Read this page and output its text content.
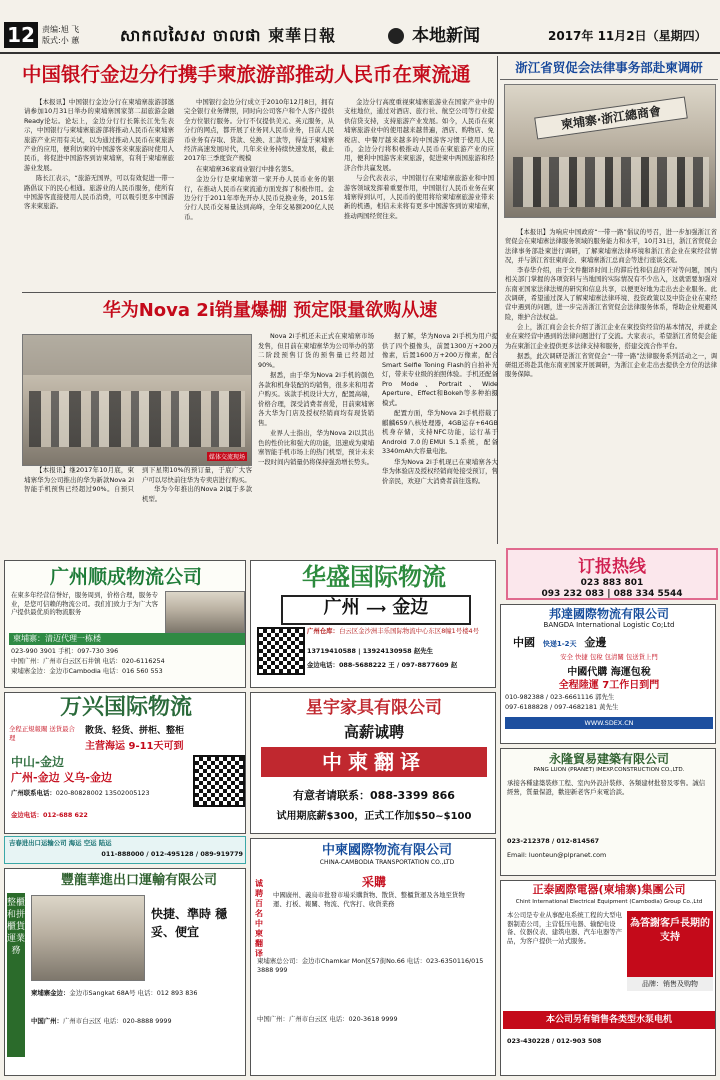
12 责编:旭 飞
版式:小 蕙	សាកលសៃស ចាលផា 柬華日報	本地新闻	2017年 11月2日（星期四）
中国银行金边分行携手柬旅游部推动人民币在柬流通

【本报讯】中国银行金边分行在柬埔寨旅游部邀请参加10月31日举办的柬埔寨国家第二届旅游金融Ready论坛。论坛上，金边分行行长陈长江先生表示，中国银行与柬埔寨旅游部将推动人民币在柬埔寨旅游产业应用有关试，以为通过推动人民币在柬旅游产业的应用，便利访柬的中国游客来柬旅游时使用人民币，将促进中国游客到访柬埔寨，有利于柬埔寨旅游业发展。

陈长江表示，“旅游无国界，可以有效促进一带一路倡议下的民心相通。旅游业的人民币服务，使所有中国游客直接使用人民币消费，可以吸引更多中国游客来柬旅游。

中国银行金边分行成立于2010年12月8日，拥有完全银行业务牌照，同时向公司客户和个人客户提供全方位银行服务。分行不仅提供美元、英元服务，从分行的网点，都开展了业务同人民币业务，目前人民币业务有存取、贷款、兑换、汇款等，得益于柬埔寨经济高速发展时代，几年来业务持续快速发展，截止2017年三季度资产规模

在柬埔寨36家商业银行中排名第5。

金边分行是柬埔寨第一家开办人民币业务的银行，在推动人民币在柬流通方面发挥了积极作用。金边分行于2011年率先开办人民币兑换业务，2015年分行人民币交易量达到高峰，全年交易额200亿人民币。

金边分行高度重视柬埔寨旅游业在国家产业中的支柱地位，通过对酒店、旅行社、航空公司等行业提供信贷支持，支持旅游产业发展。如今，人民币在柬埔寨旅游业中的使用越来越普遍，酒店、购物店、免税店、中餐厅越来越多的中国游客习惯于使用人民币，金边分行将积极推动人民币在柬旅游产业的应用，便利中国游客来柬旅游，促进柬中两国旅游和经济合作共赢发展。

与会代表表示，中国银行在柬埔寨旅游业和中国游客领域发挥着重要作用，中国银行人民币业务在柬埔寨得到认可，人民币的使用将给柬埔寨旅游业带来新的机遇，相信未来将有更多中国游客到访柬埔寨，推动两国经贸往来。

浙江省贸促会法律事务部赴柬调研
柬埔寨·浙江總商會

【本报讯】为响应中国政府“一带一路”倡议的号召，进一步加强浙江省贸促会在柬埔寨法律服务领域的服务能力和水平，10月31日，浙江省贸促会法律事务部赴柬进行调研，了解柬埔寨法律环境和浙江省企业在柬经营情况，并与浙江省驻柬商会、柬埔寨浙江总商会等进行座谈交流。

李春华介绍，由于文件翻译时间上的滞后性和信息的不对等问题，国内相关部门掌握的各项资料与当地国的实际情况有不少出入，这就需要加强对东南亚国家法律法规的研究和信息共享，以便更好地为走出去企业服务。此次调研，希望通过深入了解柬埔寨法律环境、投资政策以及中资企业在柬经营中遇到的问题，进一步完善浙江省贸促会法律服务体系，帮助企业规避风险，维护合法权益。

会上，浙江商会会长介绍了浙江企业在柬投资经营的基本情况，并就企业在柬经营中遇到的法律问题进行了交流。大家表示，希望浙江省贸促会能为在柬浙江企业提供更多法律支持和服务，搭建交流合作平台。

据悉，此次调研是浙江省贸促会“一带一路”法律服务系列活动之一，调研组还将赴其他东南亚国家开展调研，为浙江企业走出去提供全方位的法律服务保障。

华为Nova 2i销量爆棚 预定限量欲购从速
媒体交流现场

【本报讯】继2017年10月底，柬埔寨华为公司推出的华为新款Nova 2i智能手机预售已经超过90%。自预只到下星期10%的预订量，于底广大客户可以尽快前往华为专卖店进行购买。

华为今年推出的Nova 2i属于多款机型。

Nova 2i手机还未正式在柬埔寨市场发售，但目前在柬埔寨华为公司举办的第二阶段预售订货的预售量已经超过90%。

据悉，由于华为Nova 2i手机的颜色各款和机身装配的均销售，很多来和用者户购买。该款手机设计大方，配置高端，价格合理，深受消费者喜爱，目前柬埔寨各大华为门店及授权经销商均有现货销售。

业界人士指出，华为Nova 2i以其出色的性价比和强大的功能，迅速成为柬埔寨智能手机市场上的热门机型，预计未来一段时间内销量仍将保持强劲增长势头。

据了解，华为Nova 2i手机为用户提供了四个摄像头，前置1300万+200万像素，后置1600万+200万像素，配合Smart Selfie Toning Flash的自拍补光灯，带来专业级的拍照体验。手机还配备Pro Mode、Portrait、Wide Aperture、Effect和Bokeh等多种拍摄模式。

配置方面，华为Nova 2i手机搭载了麒麟659八核处理器，4GB运存+64GB机身存储，支持NFC功能，运行基于Android 7.0的EMUI 5.1系统，配备3340mAh大容量电池。

华为Nova 2i手机现已在柬埔寨各大华为体验店及授权经销商处接受预订，售价亲民，欢迎广大消费者前往选购。

订报热线
023 883 801
093 232 083 | 088 334 5544
广州顺成物流公司
在柬多年经营信誉好，服务周到，价格合理，服务专业，是您可信赖的物流公司。我们们致力于为广大客户提供最优质的物流服务
柬埔寨：清迈代理一栋楼
023-990 3901 手机：097-730 396
中国广州：广州市白云区石井镇 电话：020-6116254
柬埔寨金边：金边市Cambodia 电话：016 560 553
华盛国际物流
广州 ⟶ 金边
广州仓库：白云区金沙洲丰乐国际物流中心东区8幢1号楼4号
13719410588 | 13924130958 赵先生
金边电话：088-5688222 王 / 097-8877609 赵
邦達國際物流有限公司
BANGDA International Logistic Co;Ltd
中國 快递1-2天 金邊
安全 快捷 包稅 包清關 包送貨上門
中國代購 海運包稅
全程陸運 7工作日到門
010-982388 / 023-6661116 郭先生
097-6188828 / 097-4682181 黃先生
WWW.SDEX.CN
万兴国际物流
全程正規報關 送貨最合理
散货、轻货、拼柜、整柜
主营海运 9-11天可到
中山-金边
广州-金边 义乌-金边
广州联系电话：020-80828002 13502005123
金边电话：012-688 622
星宇家具有限公司
高薪诚聘
中柬翻译
有意者请联系：088-3399 866
试用期底薪$300，正式工作加$50~$100
永隆貿易建築有限公司
PANG LUON (PRANET) IMEXP.CONSTRUCTION CO.,LTD.
承接各種建築裝修工程、室內外設計裝修、各類建材批發及零售。誠信經營，質量保證，歡迎新老客戶來電洽談。
023-212378 / 012-814567
Email: luonteun@plpranet.com
吉春进出口运输公司 海运 空运 陆运
011-888000 / 012-495128 / 089-919779
豐龍華進出口運輸有限公司
整櫃和拼櫃貨運業務
快捷、準時 穩妥、便宜
柬埔寨金边：金边市Sangkat 68A号 电话：012 893 836
中国广州：广州市白云区 电话：020-8888 9999
中柬國際物流有限公司
CHINA-CAMBODIA TRANSPORTATION CO.,LTD
诚聘百名中柬翻译
采購
中國廣州、義烏市批發市場采購貨物、散貨、整櫃貨運及各地至貨物運、打板、報關、物流、代客打、收貨業務
柬埔寨总公司：金边市Chamkar Mon区57街No.66 电话：023-6350116/015 3888 999
中国广州：广州市白云区 电话：020-3618 9999
正泰國際電器(柬埔寨)集團公司
Chint International Electrical Equipment (Cambodia) Group Co.,Ltd
本公司是专业从事配电系统工程的大型电器制造公司，主营低压电器、输配电设备、仪器仪表、建筑电器、汽车电器等产品，为客户提供一站式服务。
為答謝客戶長期的支持
品牌：销售及购物
本公司另有销售各类型水泵电机
023-430228 / 012-903 508
